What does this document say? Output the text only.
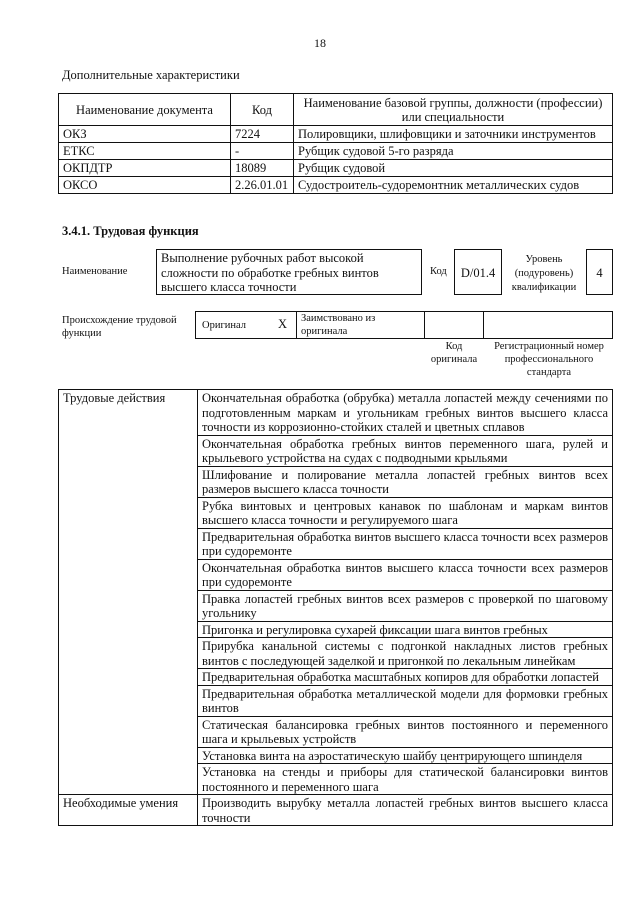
18
Дополнительные характеристики
Наименование документа	Код	Наименование базовой группы, должности (профессии) или специальности
ОКЗ	7224	Полировщики, шлифовщики и заточники инструментов
ЕТКС	-	Рубщик судовой 5-го разряда
ОКПДТР	18089	Рубщик судовой
ОКСО	2.26.01.01	Судостроитель-судоремонтник металлических судов
3.4.1. Трудовая функция
Наименование
Выполнение рубочных работ высокой сложности по обработке гребных винтов высшего класса точности
Код	D/01.4
Уровень (подуровень) квалификации
4
Происхождение трудовой функции
Оригинал	X	Заимствовано из оригинала
Код оригинала
Регистрационный номер профессионального стандарта
Трудовые действия	Окончательная обработка (обрубка) металла лопастей между сечениями по подготовленным маркам и угольникам гребных винтов высшего класса точности из коррозионно-стойких сталей и цветных сплавов
	Окончательная обработка гребных винтов переменного шага, рулей и крыльевого устройства на судах с подводными крыльями
	Шлифование и полирование металла лопастей гребных винтов всех размеров высшего класса точности
	Рубка винтовых и центровых канавок по шаблонам и маркам винтов высшего класса точности и регулируемого шага
	Предварительная обработка винтов высшего класса точности всех размеров при судоремонте
	Окончательная обработка винтов высшего класса точности всех размеров при судоремонте
	Правка лопастей гребных винтов всех размеров с проверкой по шаговому угольнику
	Пригонка и регулировка сухарей фиксации шага винтов гребных
	Прирубка канальной системы с подгонкой накладных листов гребных винтов с последующей заделкой и пригонкой по лекальным линейкам
	Предварительная обработка масштабных копиров для обработки лопастей
	Предварительная обработка металлической модели для формовки гребных винтов
	Статическая балансировка гребных винтов постоянного и переменного шага и крыльевых устройств
	Установка винта на аэростатическую шайбу центрирующего шпинделя
	Установка на стенды и приборы для статической балансировки винтов постоянного и переменного шага
Необходимые умения	Производить вырубку металла лопастей гребных винтов высшего класса точности
